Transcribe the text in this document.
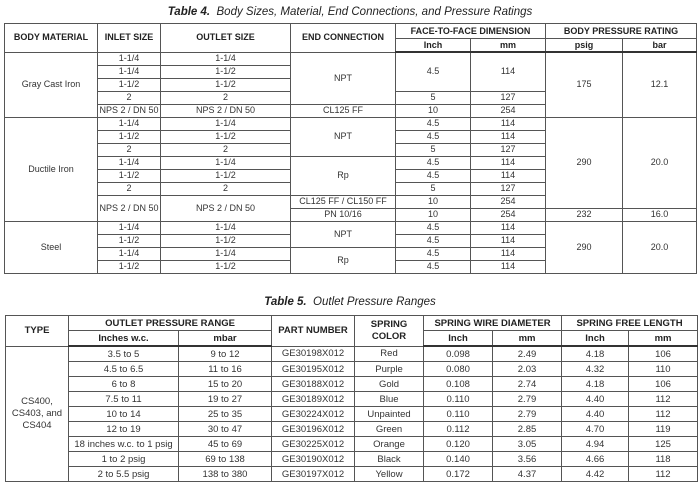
Table 4. Body Sizes, Material, End Connections, and Pressure Ratings
BODY MATERIAL	INLET SIZE	OUTLET SIZE	END CONNECTION	FACE-TO-FACE DIMENSION		BODY PRESSURE RATING	
				Inch	mm	psig	bar
Gray Cast Iron	1-1/4	1-1/4	NPT	4.5	114	175	12.1
	1-1/4	1-1/2					
	1-1/2	1-1/2					
	2	2		5	127		
	NPS 2 / DN 50	NPS 2 / DN 50	CL125 FF	10	254		
Ductile Iron	1-1/4	1-1/4	NPT	4.5	114	290	20.0
	1-1/2	1-1/2		4.5	114		
	2	2		5	127		
	1-1/4	1-1/4	Rp	4.5	114		
	1-1/2	1-1/2		4.5	114		
	2	2		5	127		
	NPS 2 / DN 50	NPS 2 / DN 50	CL125 FF / CL150 FF	10	254		
			PN 10/16	10	254	232	16.0
Steel	1-1/4	1-1/4	NPT	4.5	114	290	20.0
	1-1/2	1-1/2		4.5	114		
	1-1/4	1-1/4	Rp	4.5	114		
	1-1/2	1-1/2		4.5	114		
Table 5. Outlet Pressure Ranges
TYPE	OUTLET PRESSURE RANGE		PART NUMBER	SPRING COLOR	SPRING WIRE DIAMETER		SPRING FREE LENGTH	
	Inches w.c.	mbar			Inch	mm	Inch	mm
CS400,
CS403, and
CS404	3.5 to 5	9 to 12	GE30198X012	Red	0.098	2.49	4.18	106
	4.5 to 6.5	11 to 16	GE30195X012	Purple	0.080	2.03	4.32	110
	6 to 8	15 to 20	GE30188X012	Gold	0.108	2.74	4.18	106
	7.5 to 11	19 to 27	GE30189X012	Blue	0.110	2.79	4.40	112
	10 to 14	25 to 35	GE30224X012	Unpainted	0.110	2.79	4.40	112
	12 to 19	30 to 47	GE30196X012	Green	0.112	2.85	4.70	119
	18 inches w.c. to 1 psig	45 to 69	GE30225X012	Orange	0.120	3.05	4.94	125
	1 to 2 psig	69 to 138	GE30190X012	Black	0.140	3.56	4.66	118
	2 to 5.5 psig	138 to 380	GE30197X012	Yellow	0.172	4.37	4.42	112
